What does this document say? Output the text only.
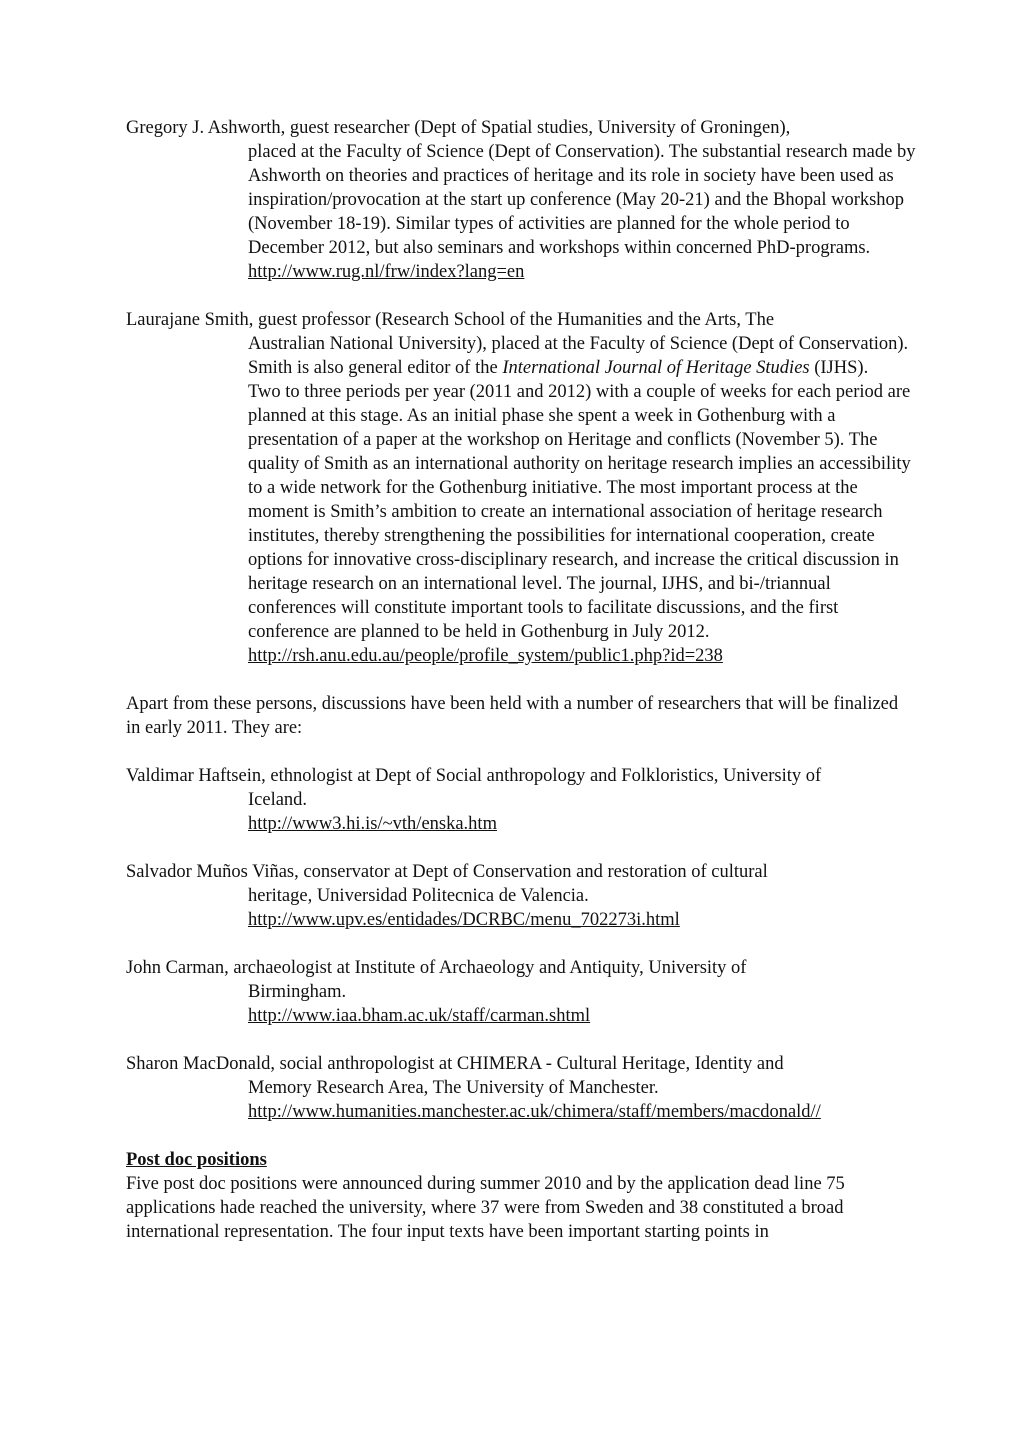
Gregory J. Ashworth, guest researcher (Dept of Spatial studies, University of Groningen),

placed at the Faculty of Science (Dept of Conservation). The substantial research made by Ashworth on theories and practices of heritage and its role in society have been used as inspiration/provocation at the start up conference (May 20-21) and the Bhopal workshop (November 18-19). Similar types of activities are planned for the whole period to December 2012, but also seminars and workshops within concerned PhD-programs.

http://www.rug.nl/frw/index?lang=en

Laurajane Smith, guest professor (Research School of the Humanities and the Arts, The

Australian National University), placed at the Faculty of Science (Dept of Conservation). Smith is also general editor of the International Journal of Heritage Studies (IJHS).

Two to three periods per year (2011 and 2012) with a couple of weeks for each period are planned at this stage. As an initial phase she spent a week in Gothenburg with a presentation of a paper at the workshop on Heritage and conflicts (November 5). The quality of Smith as an international authority on heritage research implies an accessibility to a wide network for the Gothenburg initiative. The most important process at the moment is Smith’s ambition to create an international association of heritage research institutes, thereby strengthening the possibilities for international cooperation, create options for innovative cross-disciplinary research, and increase the critical discussion in heritage research on an international level. The journal, IJHS, and bi-/triannual conferences will constitute important tools to facilitate discussions, and the first conference are planned to be held in Gothenburg in July 2012.

http://rsh.anu.edu.au/people/profile_system/public1.php?id=238

Apart from these persons, discussions have been held with a number of researchers that will be finalized in early 2011. They are:

Valdimar Haftsein, ethnologist at Dept of Social anthropology and Folkloristics, University of

Iceland.

http://www3.hi.is/~vth/enska.htm

Salvador Muños Viñas, conservator at Dept of Conservation and restoration of cultural

heritage, Universidad Politecnica de Valencia.

http://www.upv.es/entidades/DCRBC/menu_702273i.html

John Carman, archaeologist at Institute of Archaeology and Antiquity, University of

Birmingham.

http://www.iaa.bham.ac.uk/staff/carman.shtml

Sharon MacDonald, social anthropologist at CHIMERA - Cultural Heritage, Identity and

Memory Research Area, The University of Manchester.

http://www.humanities.manchester.ac.uk/chimera/staff/members/macdonald//

Post doc positions

Five post doc positions were announced during summer 2010 and by the application dead line 75 applications hade reached the university, where 37 were from Sweden and 38 constituted a broad international representation. The four input texts have been important starting points in
